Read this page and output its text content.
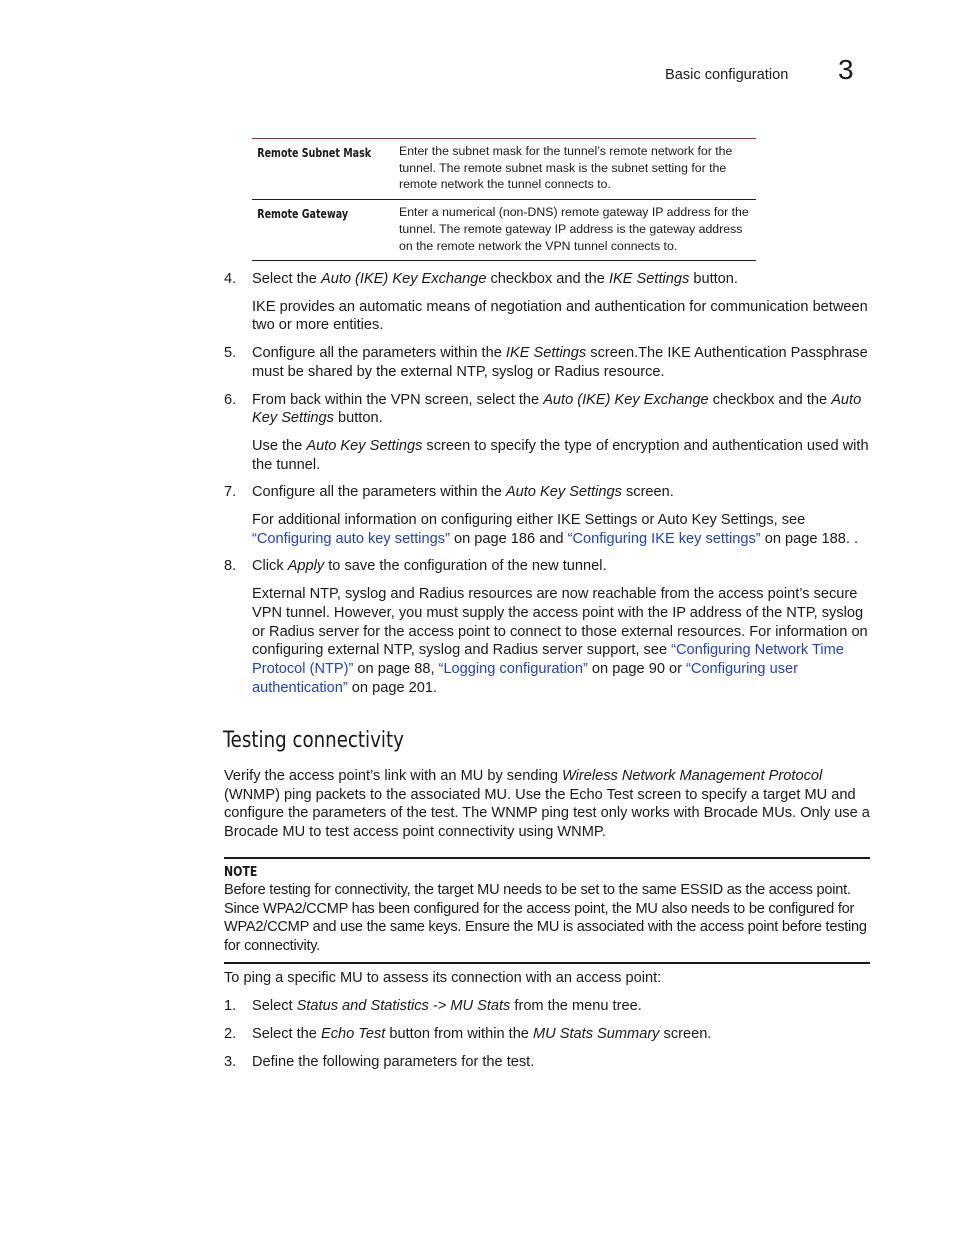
Basic configuration 3
Remote Subnet Mask	Enter the subnet mask for the tunnel’s remote network for the tunnel. The remote subnet mask is the subnet setting for the remote network the tunnel connects to.
Remote Gateway	Enter a numerical (non-DNS) remote gateway IP address for the tunnel. The remote gateway IP address is the gateway address on the remote network the VPN tunnel connects to.
4. Select the Auto (IKE) Key Exchange checkbox and the IKE Settings button.

IKE provides an automatic means of negotiation and authentication for communication between two or more entities.

5. Configure all the parameters within the IKE Settings screen.The IKE Authentication Passphrase must be shared by the external NTP, syslog or Radius resource.

6. From back within the VPN screen, select the Auto (IKE) Key Exchange checkbox and the Auto Key Settings button.

Use the Auto Key Settings screen to specify the type of encryption and authentication used with the tunnel.

7. Configure all the parameters within the Auto Key Settings screen.

For additional information on configuring either IKE Settings or Auto Key Settings, see “Configuring auto key settings” on page 186 and “Configuring IKE key settings” on page 188. .

8. Click Apply to save the configuration of the new tunnel.

External NTP, syslog and Radius resources are now reachable from the access point’s secure VPN tunnel. However, you must supply the access point with the IP address of the NTP, syslog or Radius server for the access point to connect to those external resources. For information on configuring external NTP, syslog and Radius server support, see “Configuring Network Time Protocol (NTP)” on page 88, “Logging configuration” on page 90 or “Configuring user authentication” on page 201.

Testing connectivity

Verify the access point’s link with an MU by sending Wireless Network Management Protocol (WNMP) ping packets to the associated MU. Use the Echo Test screen to specify a target MU and configure the parameters of the test. The WNMP ping test only works with Brocade MUs. Only use a Brocade MU to test access point connectivity using WNMP.

NOTE

Before testing for connectivity, the target MU needs to be set to the same ESSID as the access point. Since WPA2/CCMP has been configured for the access point, the MU also needs to be configured for WPA2/CCMP and use the same keys. Ensure the MU is associated with the access point before testing for connectivity.

To ping a specific MU to assess its connection with an access point:

1. Select Status and Statistics -> MU Stats from the menu tree.

2. Select the Echo Test button from within the MU Stats Summary screen.

3. Define the following parameters for the test.
